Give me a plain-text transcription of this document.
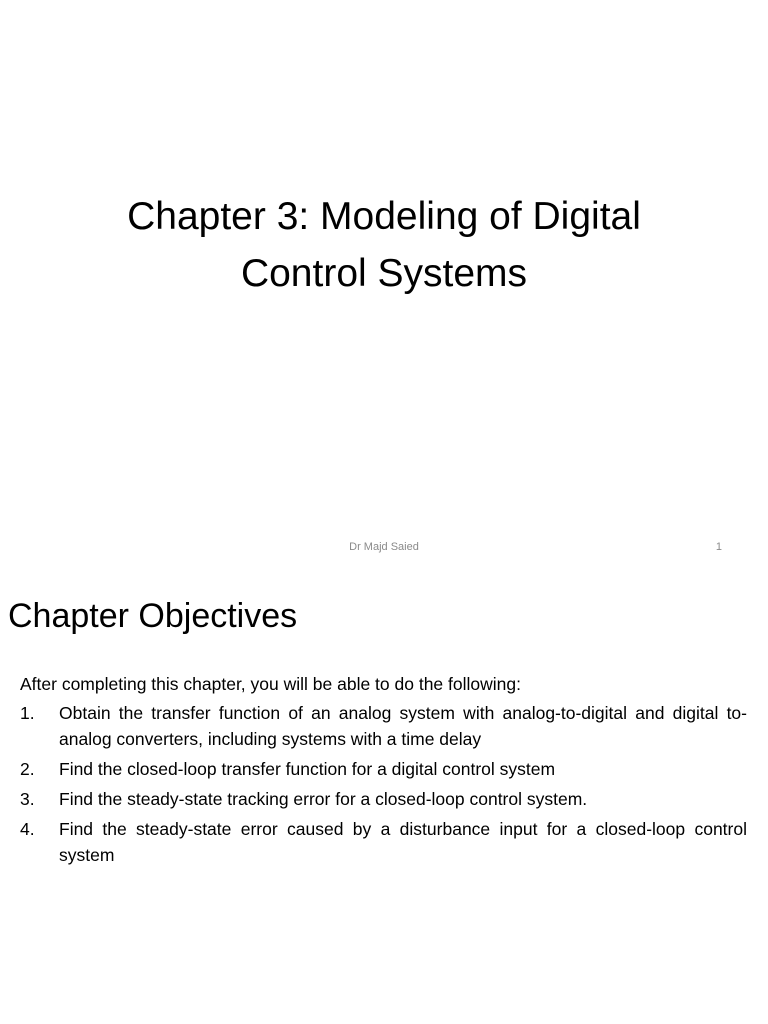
Chapter 3: Modeling of Digital
Control Systems
Dr Majd Saied	1
Chapter Objectives
After completing this chapter, you will be able to do the following:
1.	Obtain the transfer function of an analog system with analog-to-digital and digital to-analog converters, including systems with a time delay
2.	Find the closed-loop transfer function for a digital control system
3.	Find the steady-state tracking error for a closed-loop control system.
4.	Find the steady-state error caused by a disturbance input for a closed-loop control system
